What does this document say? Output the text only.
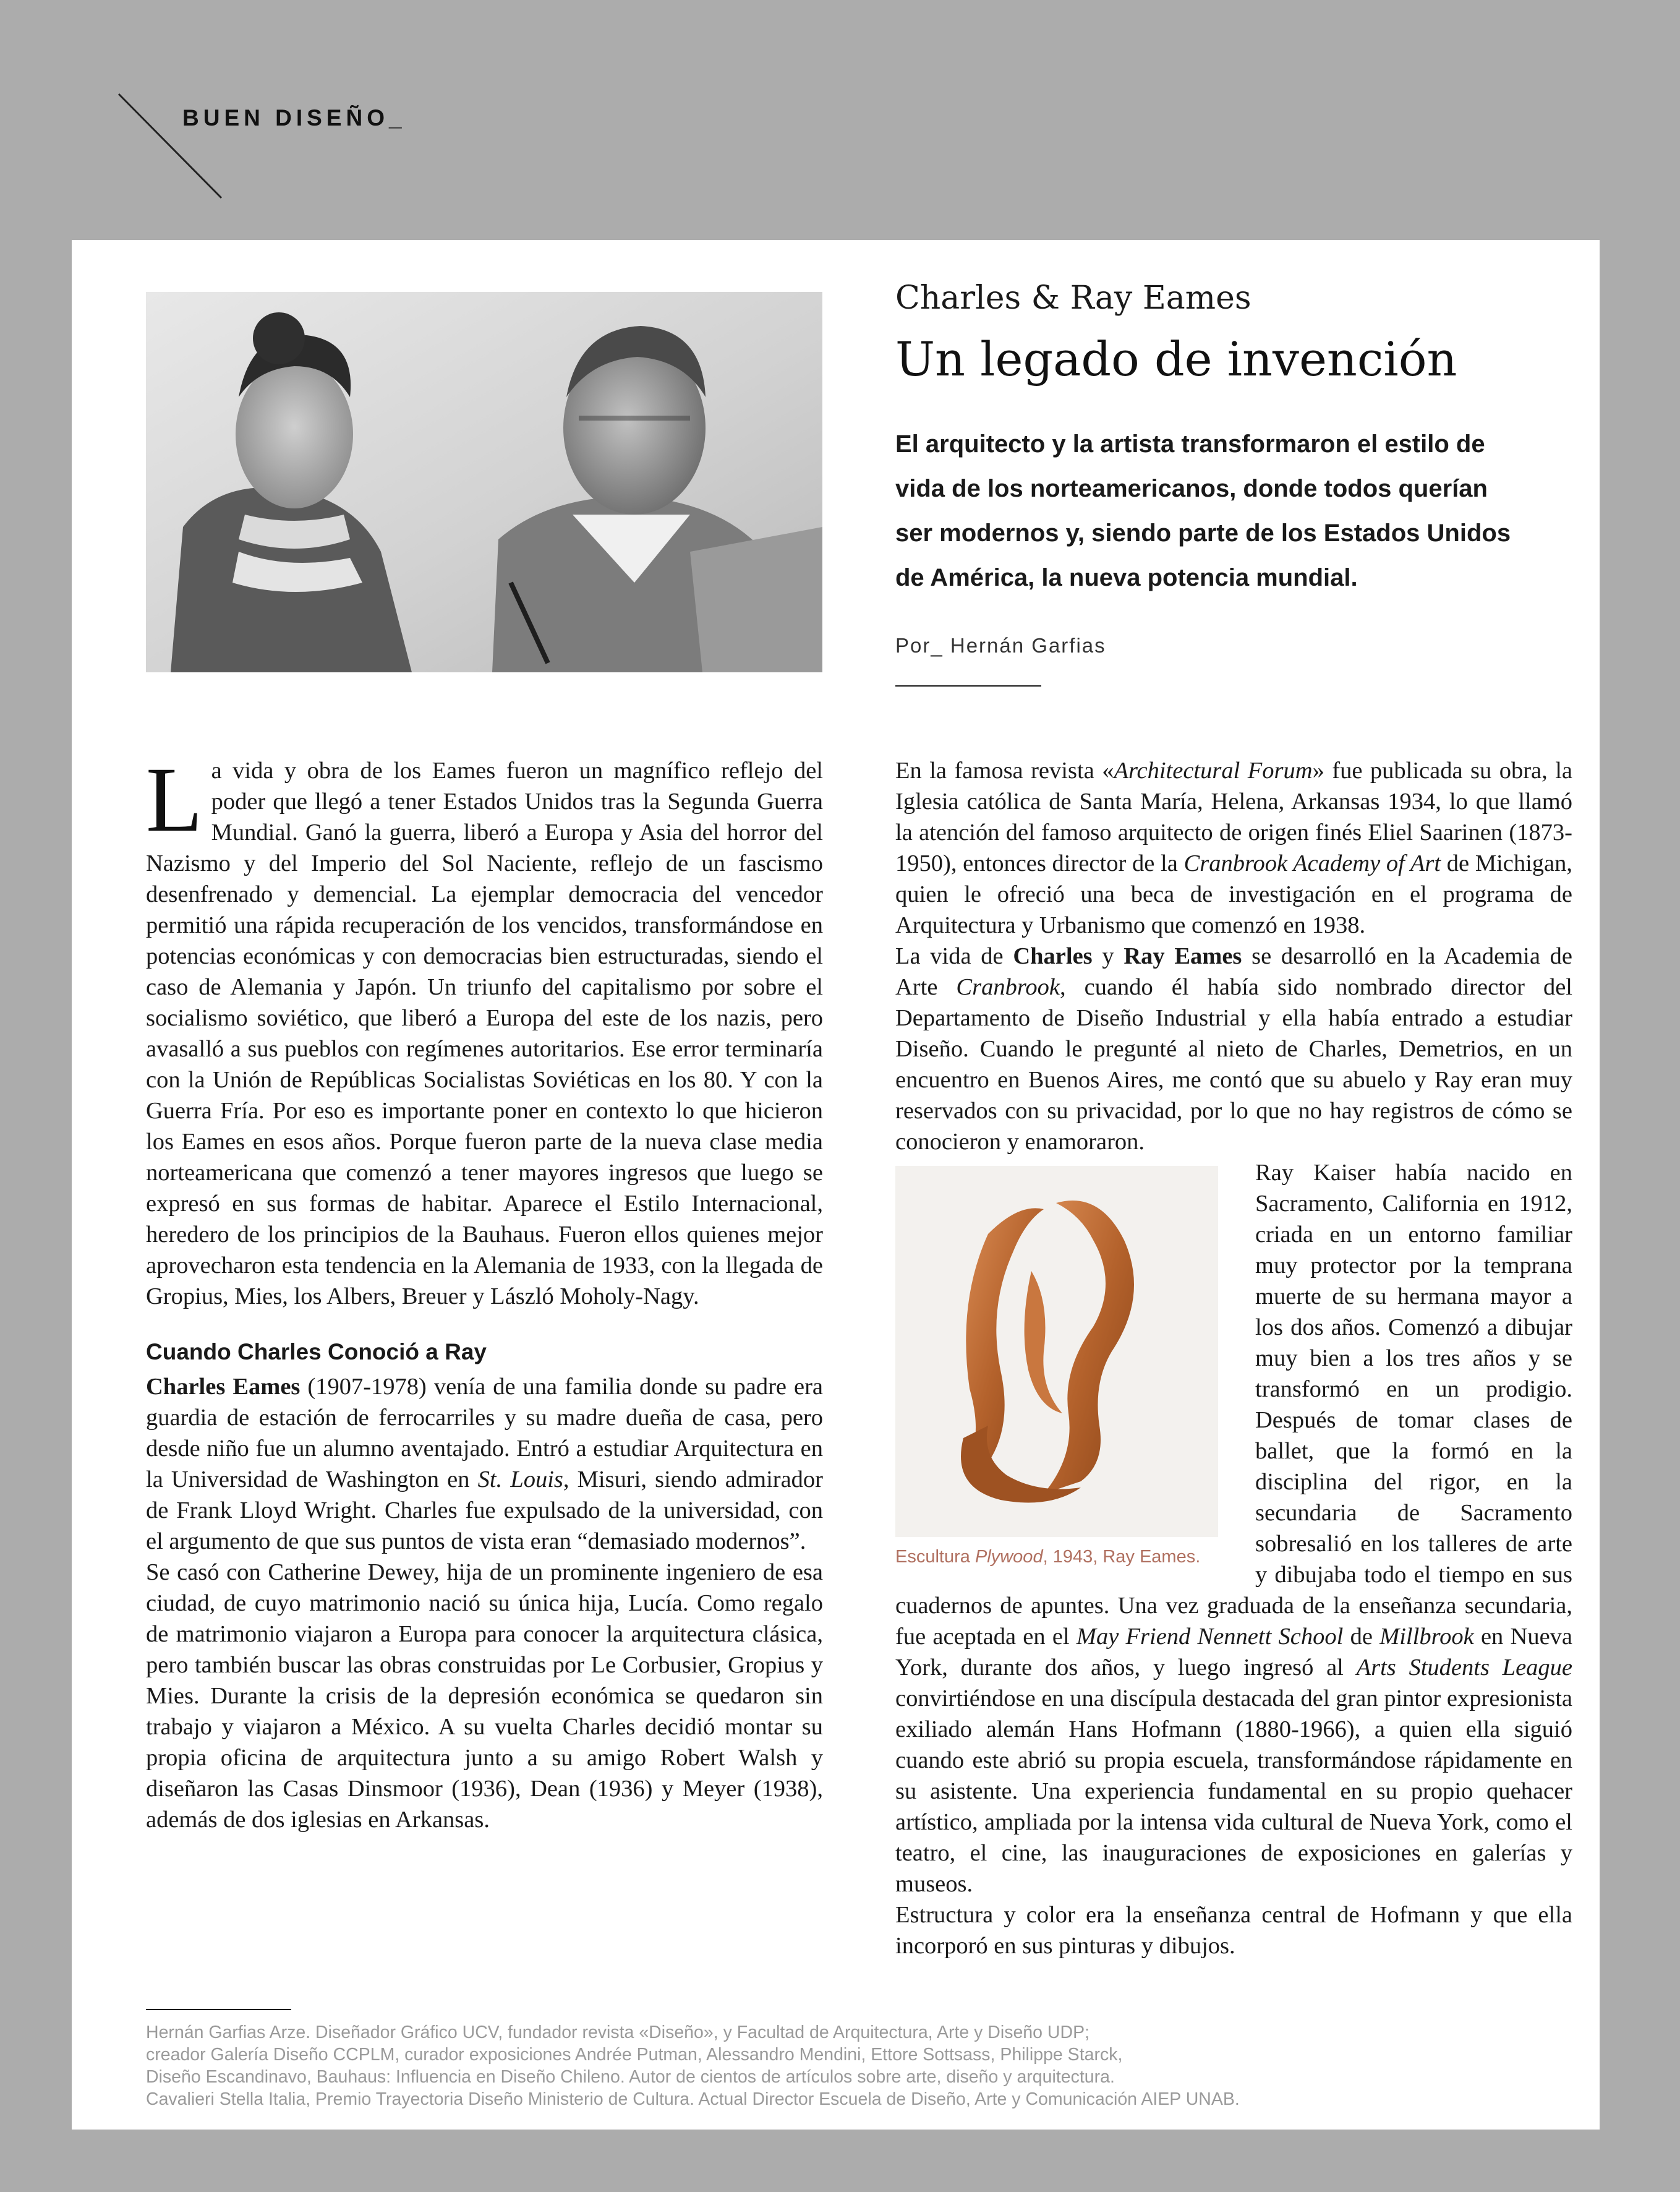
BUEN DISEÑO_
Charles & Ray Eames
Un legado de invención
El arquitecto y la artista transformaron el estilo de vida de los norteamericanos, donde todos querían ser modernos y, siendo parte de los Estados Unidos de América, la nueva potencia mundial.
Por_ Hernán Garfias

La vida y obra de los Eames fueron un magnífico reflejo del poder que llegó a tener Estados Unidos tras la Segunda Guerra Mundial. Ganó la guerra, liberó a Europa y Asia del horror del Nazismo y del Imperio del Sol Naciente, reflejo de un fascismo desenfrenado y demencial. La ejemplar democracia del vencedor permitió una rápida recuperación de los vencidos, transformándose en potencias económicas y con democracias bien estructuradas, siendo el caso de Alemania y Japón. Un triunfo del capitalismo por sobre el socialismo soviético, que liberó a Europa del este de los nazis, pero avasalló a sus pueblos con regímenes autoritarios. Ese error terminaría con la Unión de Repúblicas Socialistas Soviéticas en los 80. Y con la Guerra Fría. Por eso es importante poner en contexto lo que hicieron los Eames en esos años. Porque fueron parte de la nueva clase media norteamericana que comenzó a tener mayores ingresos que luego se expresó en sus formas de habitar. Aparece el Estilo Internacional, heredero de los principios de la Bauhaus. Fueron ellos quienes mejor aprovecharon esta tendencia en la Alemania de 1933, con la llegada de Gropius, Mies, los Albers, Breuer y László Moholy-Nagy.

Cuando Charles Conoció a Ray

Charles Eames (1907-1978) venía de una familia donde su padre era guardia de estación de ferrocarriles y su madre dueña de casa, pero desde niño fue un alumno aventajado. Entró a estudiar Arquitectura en la Universidad de Washington en St. Louis, Misuri, siendo admirador de Frank Lloyd Wright. Charles fue expulsado de la universidad, con el argumento de que sus puntos de vista eran “demasiado modernos”.

Se casó con Catherine Dewey, hija de un prominente ingeniero de esa ciudad, de cuyo matrimonio nació su única hija, Lucía. Como regalo de matrimonio viajaron a Europa para conocer la arquitectura clásica, pero también buscar las obras construidas por Le Corbusier, Gropius y Mies. Durante la crisis de la depresión económica se quedaron sin trabajo y viajaron a México. A su vuelta Charles decidió montar su propia oficina de arquitectura junto a su amigo Robert Walsh y diseñaron las Casas Dinsmoor (1936), Dean (1936) y Meyer (1938), además de dos iglesias en Arkansas.

En la famosa revista «Architectural Forum» fue publicada su obra, la Iglesia católica de Santa María, Helena, Arkansas 1934, lo que llamó la atención del famoso arquitecto de origen finés Eliel Saarinen (1873-1950), entonces director de la Cranbrook Academy of Art de Michigan, quien le ofreció una beca de investigación en el programa de Arquitectura y Urbanismo que comenzó en 1938.

La vida de Charles y Ray Eames se desarrolló en la Academia de Arte Cranbrook, cuando él había sido nombrado director del Departamento de Diseño Industrial y ella había entrado a estudiar Diseño. Cuando le pregunté al nieto de Charles, Demetrios, en un encuentro en Buenos Aires, me contó que su abuelo y Ray eran muy reservados con su privacidad, por lo que no hay registros de cómo se conocieron y enamoraron.

Escultura Plywood, 1943, Ray Eames.

Ray Kaiser había nacido en Sacramento, California en 1912, criada en un entorno familiar muy protector por la temprana muerte de su hermana mayor a los dos años. Comenzó a dibujar muy bien a los tres años y se transformó en un prodigio. Después de tomar clases de ballet, que la formó en la disciplina del rigor, en la secundaria de Sacramento sobresalió en los talleres de arte y dibujaba todo el tiempo en sus cuadernos de apuntes. Una vez graduada de la enseñanza secundaria, fue aceptada en el May Friend Nennett School de Millbrook en Nueva York, durante dos años, y luego ingresó al Arts Students League convirtiéndose en una discípula destacada del gran pintor expresionista exiliado alemán Hans Hofmann (1880-1966), a quien ella siguió cuando este abrió su propia escuela, transformándose rápidamente en su asistente. Una experiencia fundamental en su propio quehacer artístico, ampliada por la intensa vida cultural de Nueva York, como el teatro, el cine, las inauguraciones de exposiciones en galerías y museos.

Estructura y color era la enseñanza central de Hofmann y que ella incorporó en sus pinturas y dibujos.

Hernán Garfias Arze. Diseñador Gráfico UCV, fundador revista «Diseño», y Facultad de Arquitectura, Arte y Diseño UDP;
creador Galería Diseño CCPLM, curador exposiciones Andrée Putman, Alessandro Mendini, Ettore Sottsass, Philippe Starck,
Diseño Escandinavo, Bauhaus: Influencia en Diseño Chileno. Autor de cientos de artículos sobre arte, diseño y arquitectura.
Cavalieri Stella Italia, Premio Trayectoria Diseño Ministerio de Cultura. Actual Director Escuela de Diseño, Arte y Comunicación AIEP UNAB.
